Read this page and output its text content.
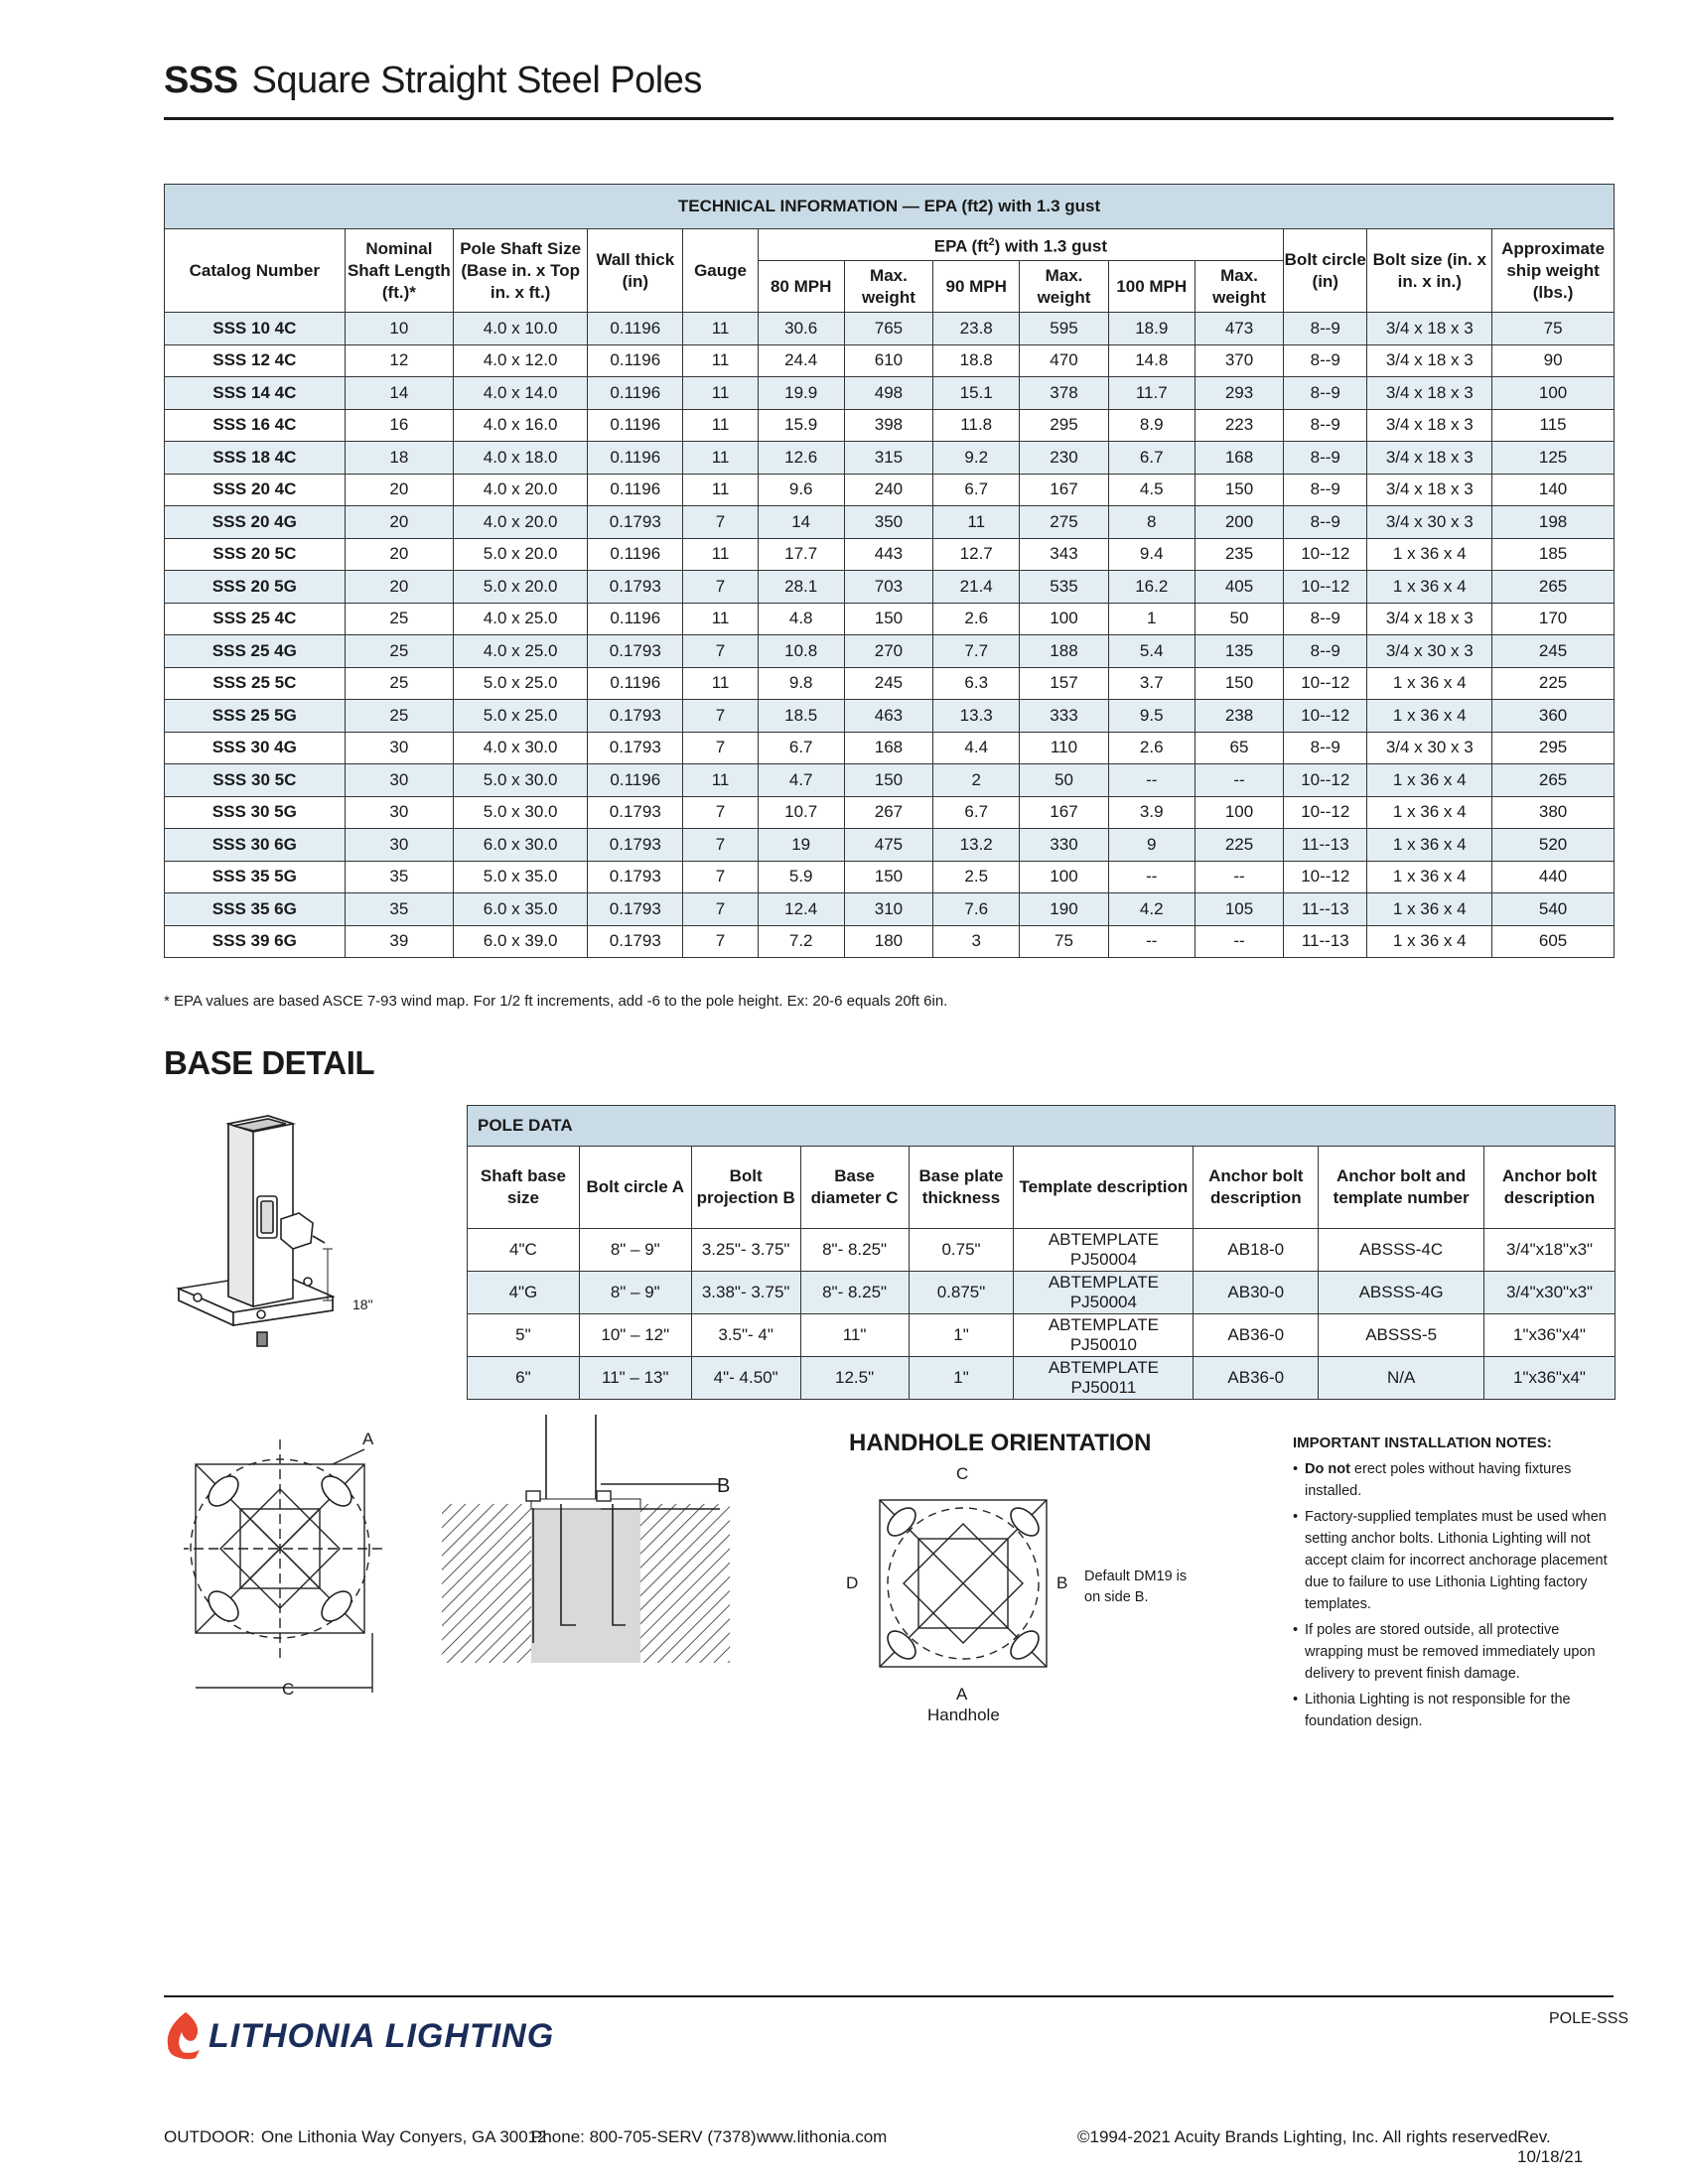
SSS Square Straight Steel Poles
TECHNICAL INFORMATION — EPA (ft2) with 1.3 gust													
Catalog Number	Nominal Shaft Length (ft.)*	Pole Shaft Size (Base in. x Top in. x ft.)	Wall thick (in)	Gauge	EPA $(ft^2)$ with 1.3 gust						Bolt circle (in)	Bolt size (in. x in. x in.)	Approximate ship weight (lbs.)
					80 MPH	Max. weight	90 MPH	Max. weight	100 MPH	Max. weight			
SSS 10 4C	10	4.0 x 10.0	0.1196	11	30.6	765	23.8	595	18.9	473	8--9	3/4 x 18 x 3	75
SSS 12 4C	12	4.0 x 12.0	0.1196	11	24.4	610	18.8	470	14.8	370	8--9	3/4 x 18 x 3	90
SSS 14 4C	14	4.0 x 14.0	0.1196	11	19.9	498	15.1	378	11.7	293	8--9	3/4 x 18 x 3	100
SSS 16 4C	16	4.0 x 16.0	0.1196	11	15.9	398	11.8	295	8.9	223	8--9	3/4 x 18 x 3	115
SSS 18 4C	18	4.0 x 18.0	0.1196	11	12.6	315	9.2	230	6.7	168	8--9	3/4 x 18 x 3	125
SSS 20 4C	20	4.0 x 20.0	0.1196	11	9.6	240	6.7	167	4.5	150	8--9	3/4 x 18 x 3	140
SSS 20 4G	20	4.0 x 20.0	0.1793	7	14	350	11	275	8	200	8--9	3/4 x 30 x 3	198
SSS 20 5C	20	5.0 x 20.0	0.1196	11	17.7	443	12.7	343	9.4	235	10--12	1 x 36 x 4	185
SSS 20 5G	20	5.0 x 20.0	0.1793	7	28.1	703	21.4	535	16.2	405	10--12	1 x 36 x 4	265
SSS 25 4C	25	4.0 x 25.0	0.1196	11	4.8	150	2.6	100	1	50	8--9	3/4 x 18 x 3	170
SSS 25 4G	25	4.0 x 25.0	0.1793	7	10.8	270	7.7	188	5.4	135	8--9	3/4 x 30 x 3	245
SSS 25 5C	25	5.0 x 25.0	0.1196	11	9.8	245	6.3	157	3.7	150	10--12	1 x 36 x 4	225
SSS 25 5G	25	5.0 x 25.0	0.1793	7	18.5	463	13.3	333	9.5	238	10--12	1 x 36 x 4	360
SSS 30 4G	30	4.0 x 30.0	0.1793	7	6.7	168	4.4	110	2.6	65	8--9	3/4 x 30 x 3	295
SSS 30 5C	30	5.0 x 30.0	0.1196	11	4.7	150	2	50	--	--	10--12	1 x 36 x 4	265
SSS 30 5G	30	5.0 x 30.0	0.1793	7	10.7	267	6.7	167	3.9	100	10--12	1 x 36 x 4	380
SSS 30 6G	30	6.0 x 30.0	0.1793	7	19	475	13.2	330	9	225	11--13	1 x 36 x 4	520
SSS 35 5G	35	5.0 x 35.0	0.1793	7	5.9	150	2.5	100	--	--	10--12	1 x 36 x 4	440
SSS 35 6G	35	6.0 x 35.0	0.1793	7	12.4	310	7.6	190	4.2	105	11--13	1 x 36 x 4	540
SSS 39 6G	39	6.0 x 39.0	0.1793	7	7.2	180	3	75	--	--	11--13	1 x 36 x 4	605
* EPA values are based ASCE 7-93 wind map. For 1/2 ft increments, add -6 to the pole height. Ex: 20-6 equals 20ft 6in.
BASE DETAIL
18"
POLE DATA								
Shaft base size	Bolt circle A	Bolt projection B	Base diameter C	Base plate thickness	Template description	Anchor bolt description	Anchor bolt and template number	Anchor bolt description
4"C	8" – 9"	3.25"- 3.75"	8"- 8.25"	0.75"	ABTEMPLATE PJ50004	AB18-0	ABSSS-4C	3/4"x18"x3"
4"G	8" – 9"	3.38"- 3.75"	8"- 8.25"	0.875"	ABTEMPLATE PJ50004	AB30-0	ABSSS-4G	3/4"x30"x3"
5"	10" – 12"	3.5"- 4"	11"	1"	ABTEMPLATE PJ50010	AB36-0	ABSSS-5	1"x36"x4"
6"	11" – 13"	4"- 4.50"	12.5"	1"	ABTEMPLATE PJ50011	AB36-0	N/A	1"x36"x4"
A
C
B
HANDHOLE ORIENTATION
C
D	B
A
Handhole
Default DM19 is on side B.
IMPORTANT INSTALLATION NOTES:
• Do not erect poles without having fixtures installed.
• Factory-supplied templates must be used when setting anchor bolts. Lithonia Lighting will not accept claim for incorrect anchorage placement due to failure to use Lithonia Lighting factory templates.
• If poles are stored outside, all protective wrapping must be removed immediately upon delivery to prevent finish damage.
• Lithonia Lighting is not responsible for the foundation design.
LITHONIA LIGHTING	POLE-SSS
OUTDOOR: One Lithonia Way Conyers, GA 30012
Phone: 800-705-SERV (7378) www.lithonia.com	©1994-2021 Acuity Brands Lighting, Inc. All rights reserved.
Rev. 10/18/21
